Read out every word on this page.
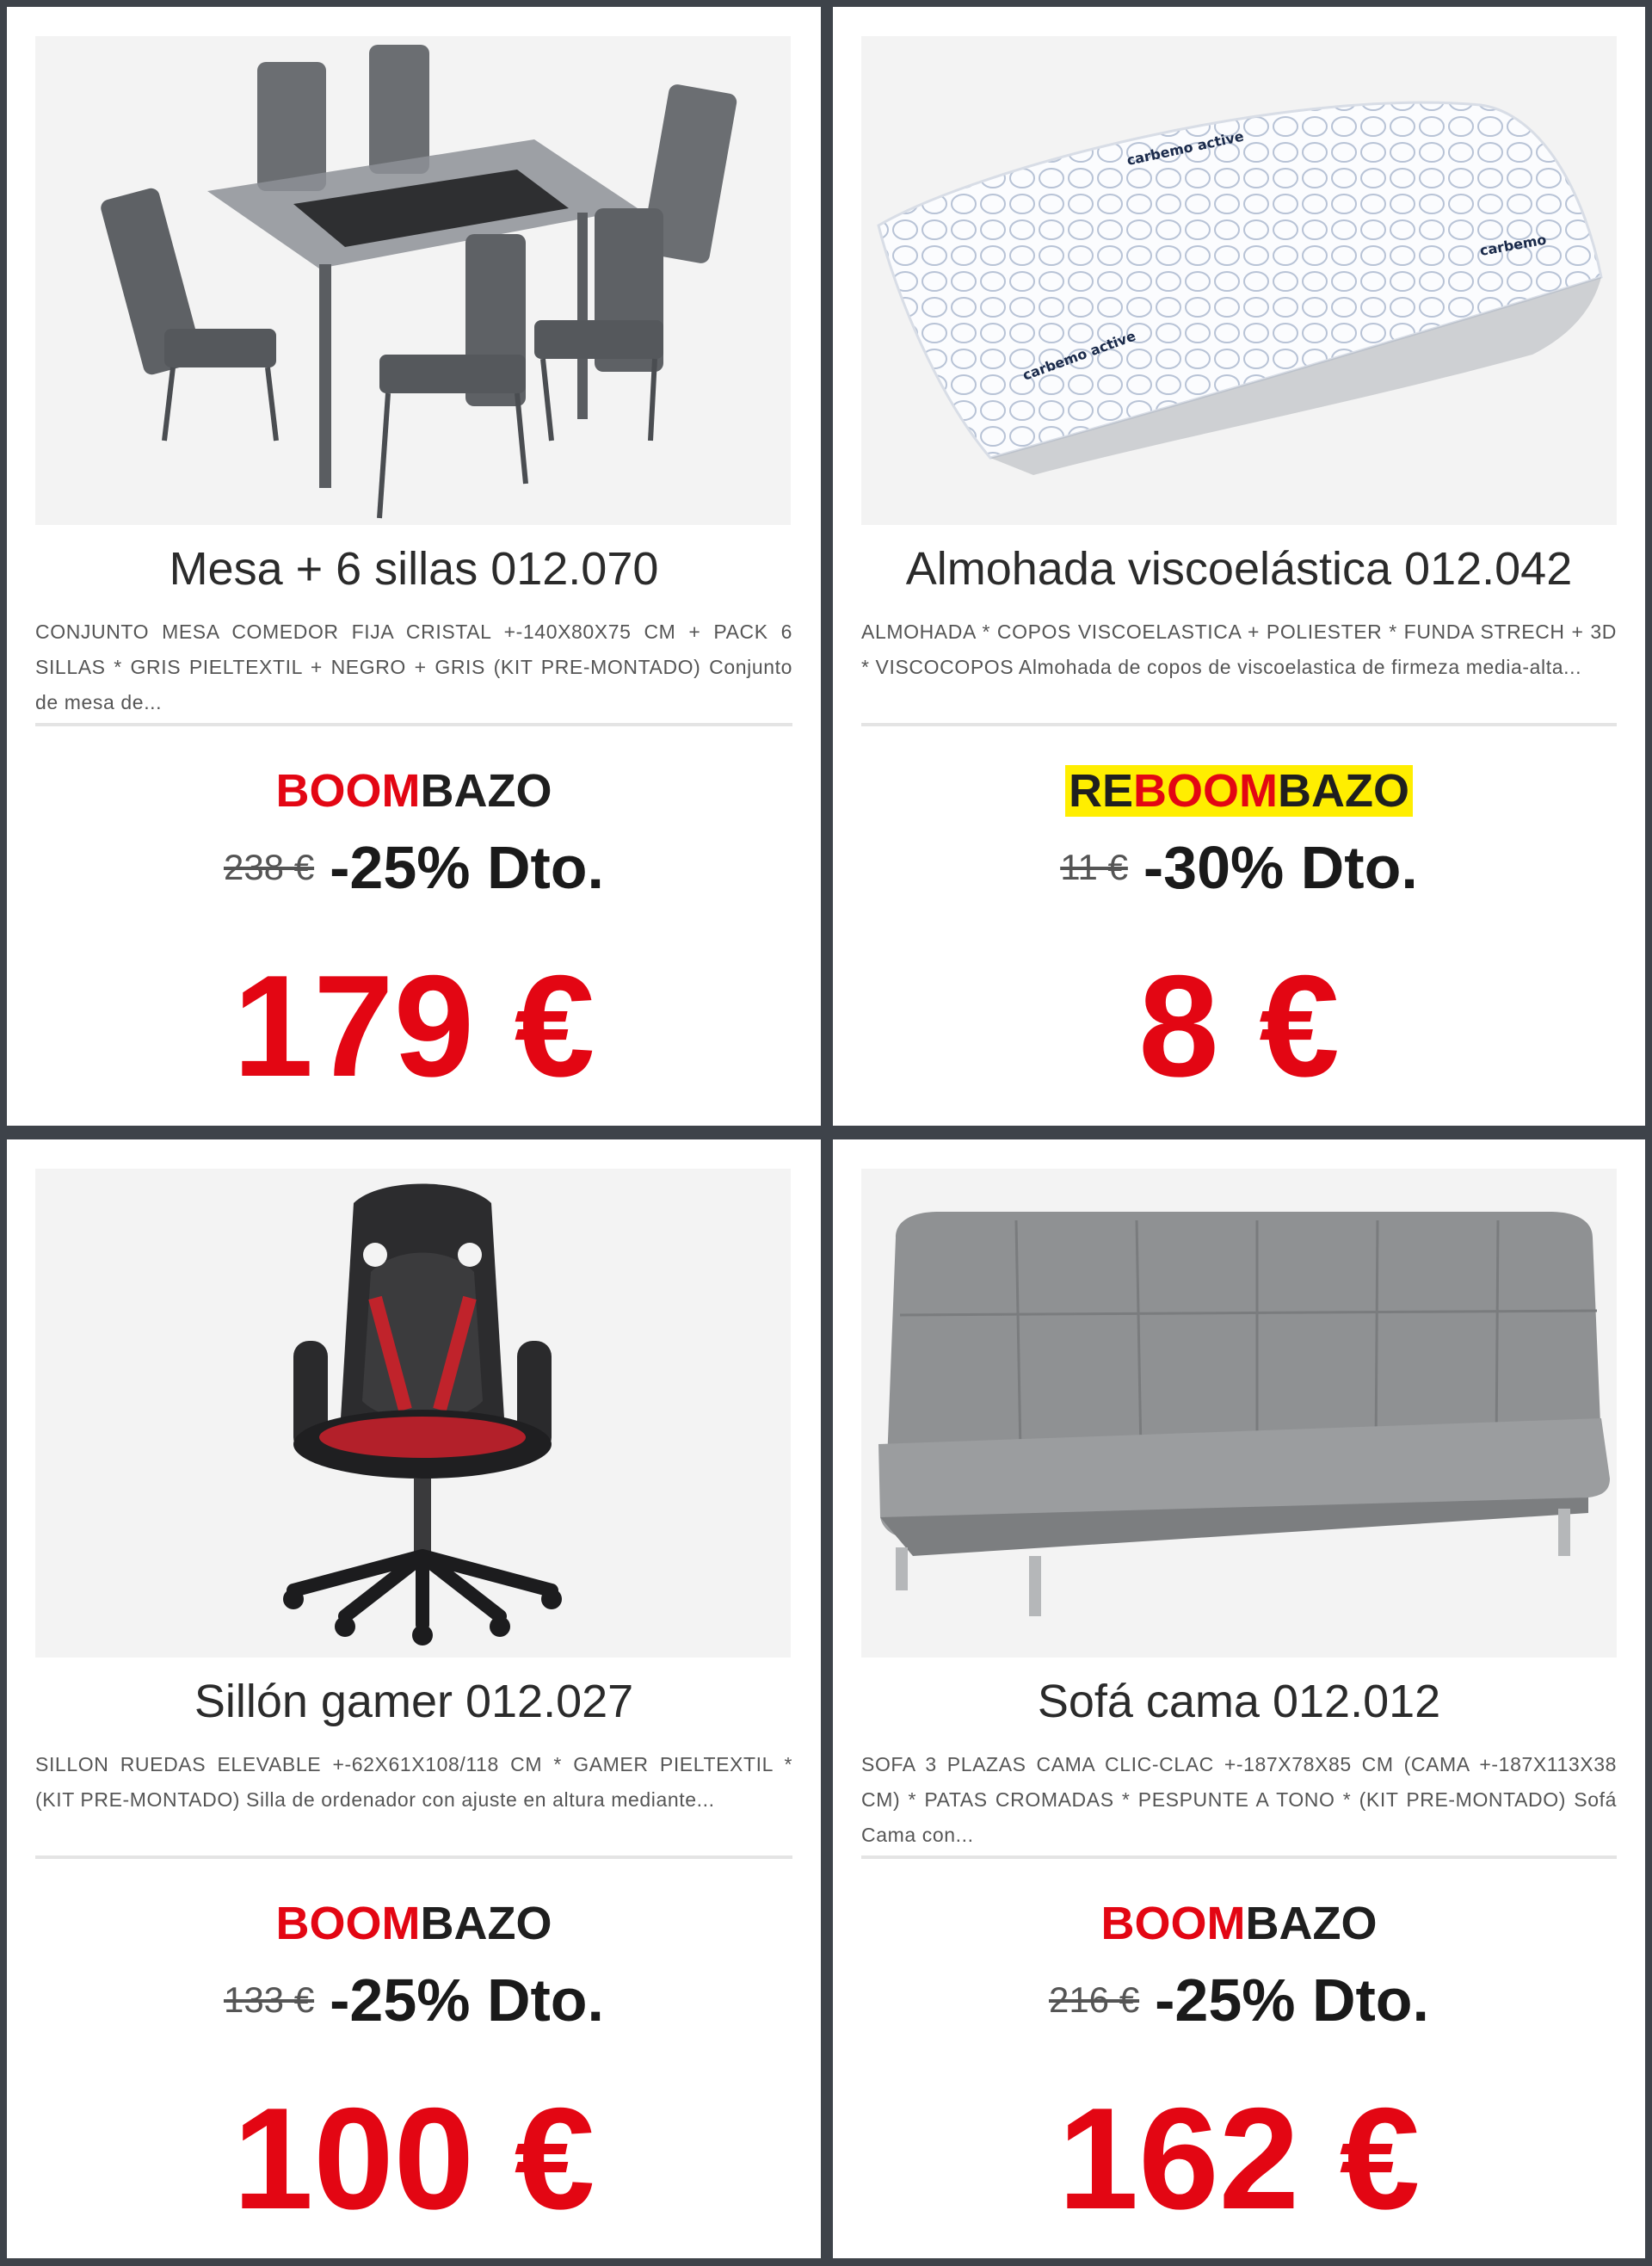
Mesa + 6 sillas 012.070
CONJUNTO MESA COMEDOR FIJA CRISTAL +-140X80X75 CM + PACK 6 SILLAS * GRIS PIELTEXTIL + NEGRO + GRIS (KIT PRE-MONTADO) Conjunto de mesa de...
BOOMBAZO
238 € -25% Dto.
179 €
carbemo active
carbemo
carbemo active
Almohada viscoelástica 012.042
ALMOHADA * COPOS VISCOELASTICA + POLIESTER * FUNDA STRECH + 3D * VISCOCOPOS Almohada de copos de viscoelastica de firmeza media-alta...
REBOOMBAZO
11 € -30% Dto.
8 €
Sillón gamer 012.027
SILLON RUEDAS ELEVABLE +-62X61X108/118 CM * GAMER PIELTEXTIL * (KIT PRE-MONTADO) Silla de ordenador con ajuste en altura mediante...
BOOMBAZO
133 € -25% Dto.
100 €
Sofá cama 012.012
SOFA 3 PLAZAS CAMA CLIC-CLAC +-187X78X85 CM (CAMA +-187X113X38 CM) * PATAS CROMADAS * PESPUNTE A TONO * (KIT PRE-MONTADO) Sofá Cama con...
BOOMBAZO
216 € -25% Dto.
162 €
